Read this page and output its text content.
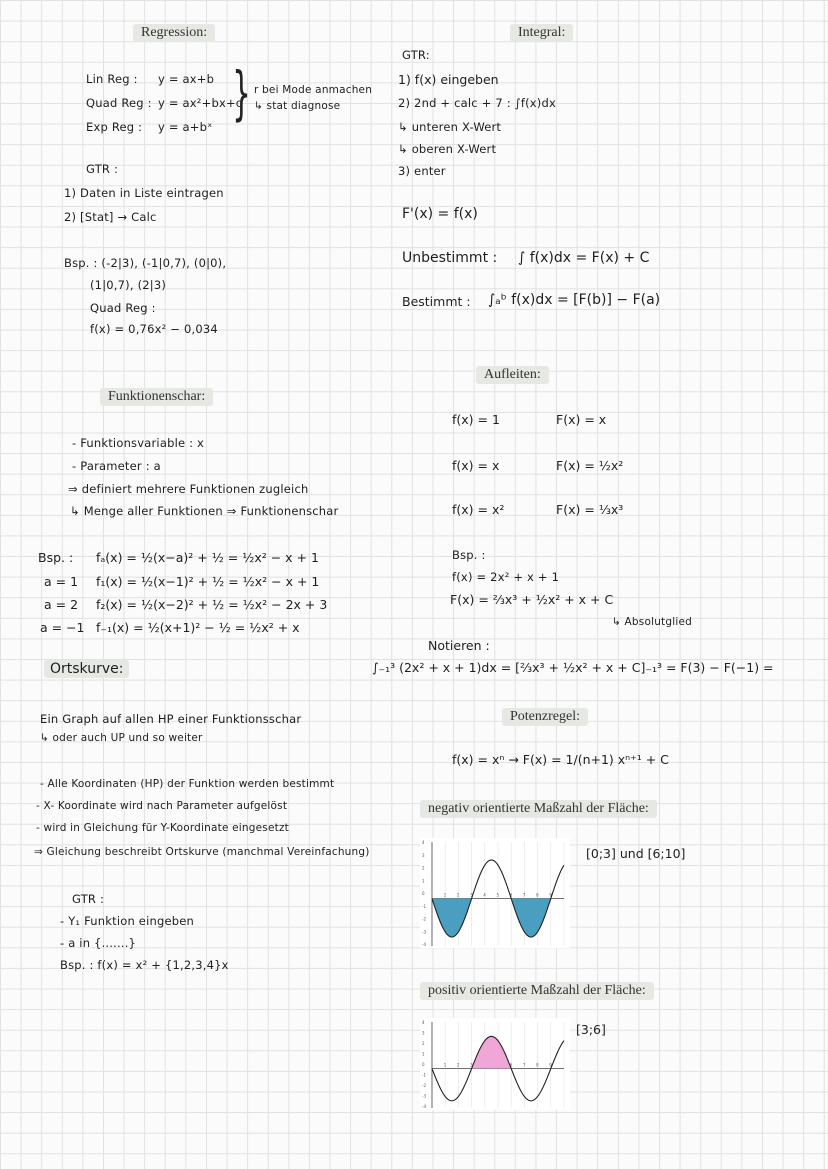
Regression:
Lin Reg : y = ax+b
Quad Reg : y = ax²+bx+c
Exp Reg : y = a+bˣ } r bei Mode anmachen
↳ stat diagnose
GTR :
1) Daten in Liste eintragen
2) [Stat] → Calc
Bsp. : (-2|3), (-1|0,7), (0|0),
(1|0,7), (2|3)
Quad Reg :
f(x) = 0,76x² − 0,034
Funktionenschar:
- Funktionsvariable : x
- Parameter : a
⇒ definiert mehrere Funktionen zugleich
↳ Menge aller Funktionen ⇒ Funktionenschar
Bsp. : fₐ(x) = ½(x−a)² + ½ = ½x² − x + 1
a = 1 f₁(x) = ½(x−1)² + ½ = ½x² − x + 1
a = 2 f₂(x) = ½(x−2)² + ½ = ½x² − 2x + 3
a = −1 f₋₁(x) = ½(x+1)² − ½ = ½x² + x
Ortskurve:
Ein Graph auf allen HP einer Funktionsschar
↳ oder auch UP und so weiter
- Alle Koordinaten (HP) der Funktion werden bestimmt
- X- Koordinate wird nach Parameter aufgelöst
- wird in Gleichung für Y-Koordinate eingesetzt
⇒ Gleichung beschreibt Ortskurve (manchmal Vereinfachung)
GTR :
- Y₁ Funktion eingeben
- a in {.......}
Bsp. : f(x) = x² + {1,2,3,4}x
Integral:
GTR:
1) f(x) eingeben
2) 2nd + calc + 7 : ∫f(x)dx
↳ unteren X-Wert
↳ oberen X-Wert
3) enter
F'(x) = f(x)
Unbestimmt : ∫ f(x)dx = F(x) + C
Bestimmt : ∫ₐᵇ f(x)dx = [F(b)] − F(a)
Aufleiten:
f(x) = 1	F(x) = x
f(x) = x	F(x) = ½x²
f(x) = x²	F(x) = ⅓x³
Bsp. :
f(x) = 2x² + x + 1
F(x) = ⅔x³ + ½x² + x + C
↳ Absolutglied
Notieren :
∫₋₁³ (2x² + x + 1)dx = [⅔x³ + ½x² + x + C]₋₁³ = F(3) − F(−1) =
Potenzregel:
f(x) = xⁿ → F(x) = 1/(n+1) xⁿ⁺¹ + C
negativ orientierte Maßzahl der Fläche:
[0;3] und [6;10]
1	2	3	4	5	6	7	8	9
4
3
2
1
0
-1
-2
-3
-4
positiv orientierte Maßzahl der Fläche:
[3;6]
1	2	3	6	7	8	9
4
3
2
1
0
-1
-2
-3
-4
